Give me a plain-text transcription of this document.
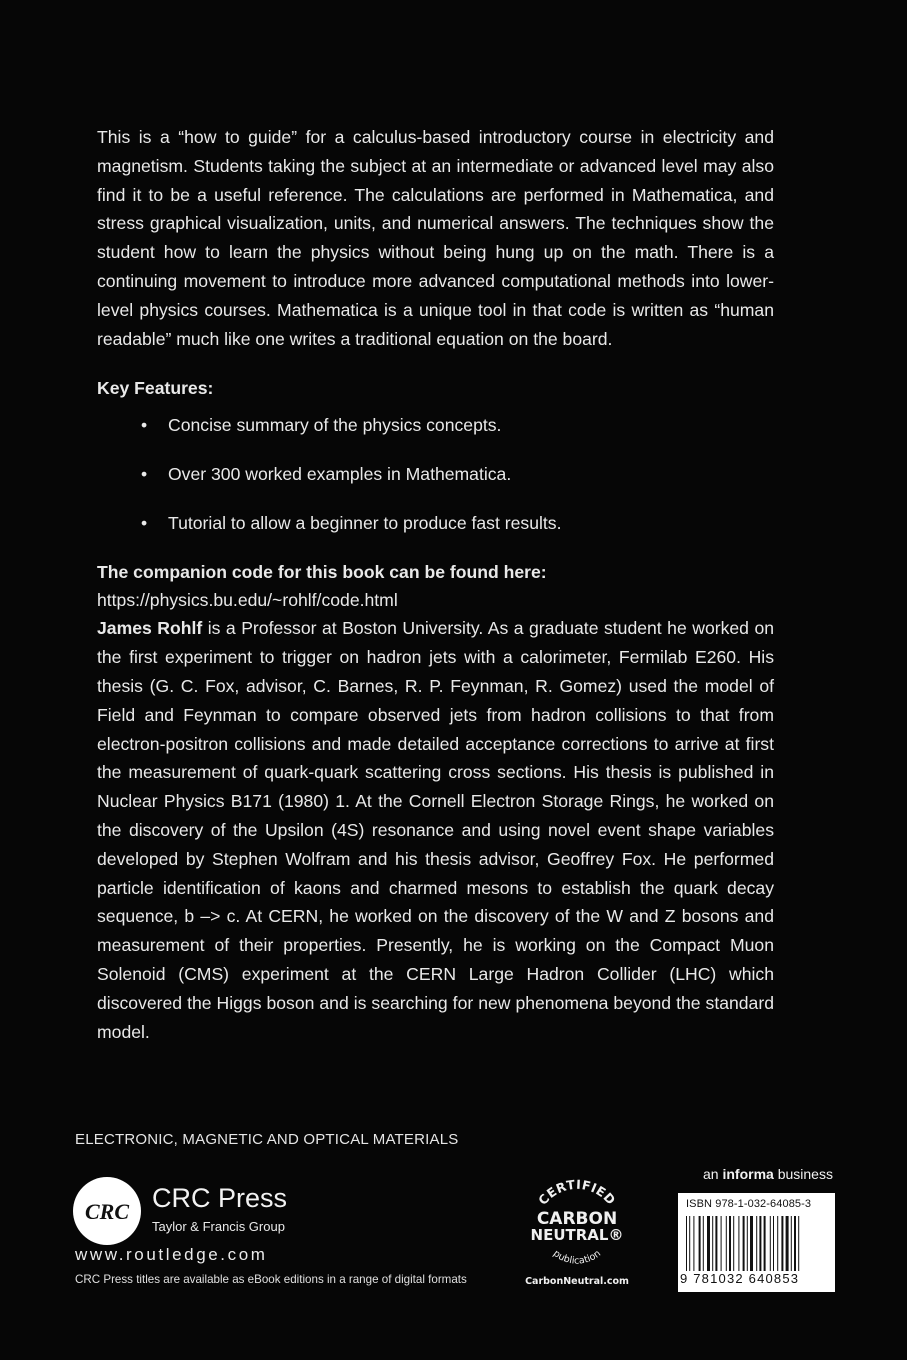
This is a “how to guide” for a calculus-based introductory course in electricity and magnetism. Students taking the subject at an intermediate or advanced level may also find it to be a useful reference. The calculations are performed in Mathematica, and stress graphical visualization, units, and numerical answers. The techniques show the student how to learn the physics without being hung up on the math. There is a continuing movement to introduce more advanced computational methods into lower-level physics courses. Mathematica is a unique tool in that code is written as “human readable” much like one writes a traditional equation on the board.

Key Features:
• Concise summary of the physics concepts.
• Over 300 worked examples in Mathematica.
• Tutorial to allow a beginner to produce fast results.
The companion code for this book can be found here:
https://physics.bu.edu/~rohlf/code.html

James Rohlf is a Professor at Boston University. As a graduate student he worked on the first experiment to trigger on hadron jets with a calorimeter, Fermilab E260. His thesis (G. C. Fox, advisor, C. Barnes, R. P. Feynman, R. Gomez) used the model of Field and Feynman to compare observed jets from hadron collisions to that from electron-positron collisions and made detailed acceptance corrections to arrive at first the measurement of quark-quark scattering cross sections. His thesis is published in Nuclear Physics B171 (1980) 1. At the Cornell Electron Storage Rings, he worked on the discovery of the Upsilon (4S) resonance and using novel event shape variables developed by Stephen Wolfram and his thesis advisor, Geoffrey Fox. He performed particle identification of kaons and charmed mesons to establish the quark decay sequence, b –> c. At CERN, he worked on the discovery of the W and Z bosons and measurement of their properties. Presently, he is working on the Compact Muon Solenoid (CMS) experiment at the CERN Large Hadron Collider (LHC) which discovered the Higgs boson and is searching for new phenomena beyond the standard model.

ELECTRONIC, MAGNETIC AND OPTICAL MATERIALS
CRC CRC Press
Taylor & Francis Group
www.routledge.com
CRC Press titles are available as eBook editions in a range of digital formats
CERTIFIED
CARBON
NEUTRAL®
publication
CarbonNeutral.com
an informa business
ISBN 978-1-032-64085-3
9 781032 640853
